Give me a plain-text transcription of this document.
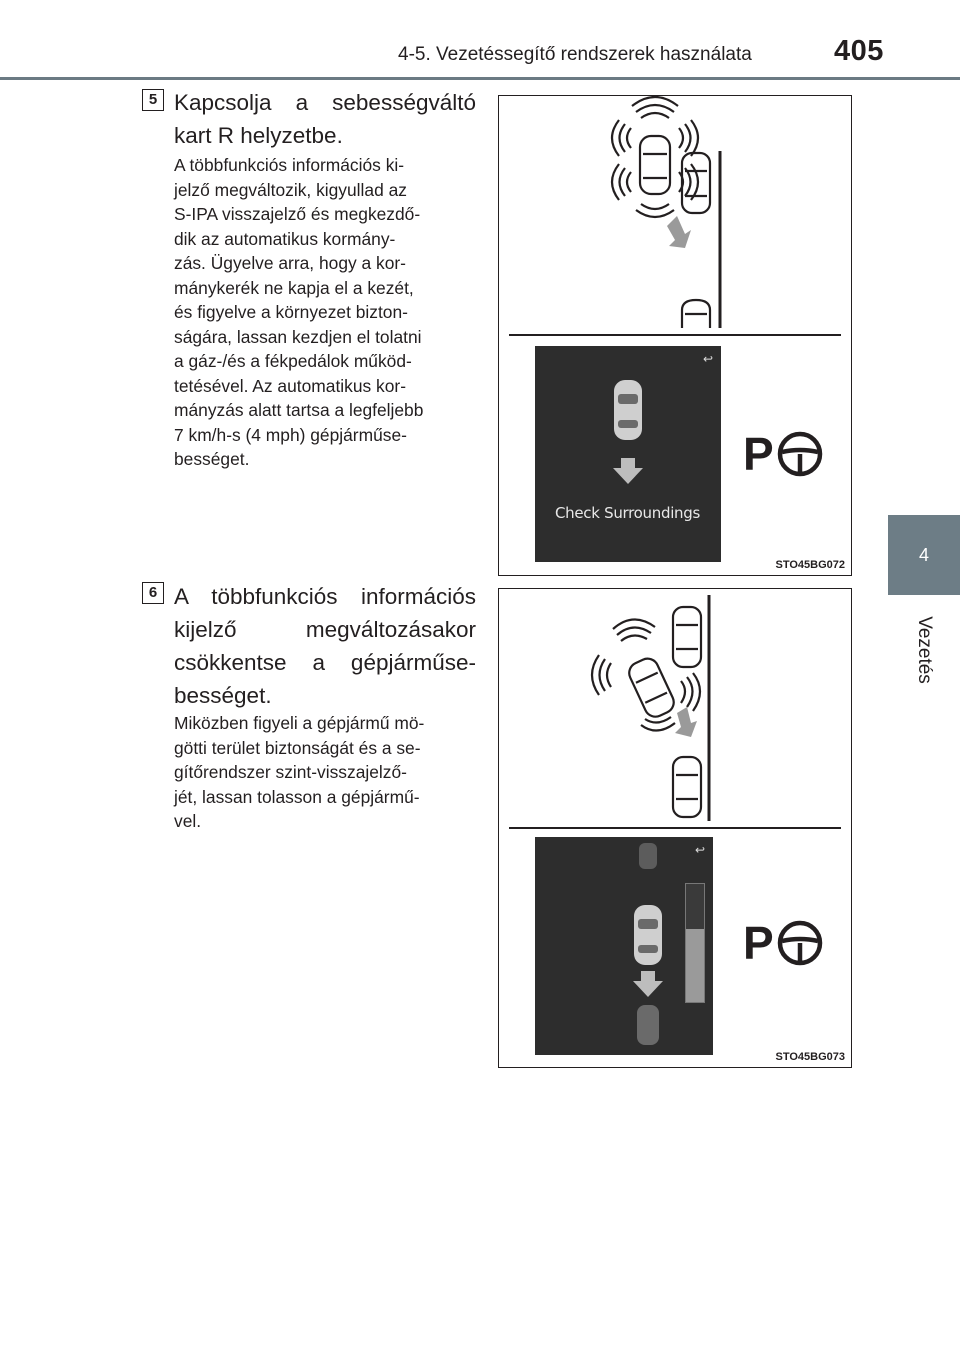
4-5. Vezetéssegítő rendszerek használata	405
4
Vezetés
5 Kapcsolja a sebességváltó kart R helyzetbe.
A többfunkciós információs ki-
jelző megváltozik, kigyullad az
S-IPA visszajelző és megkezdő-
dik az automatikus kormány-
zás. Ügyelve arra, hogy a kor-
mánykerék ne kapja el a kezét,
és figyelve a környezet bizton-
ságára, lassan kezdjen el tolatni
a gáz-/és a fékpedálok működ-
tetésével. Az automatikus kor-
mányzás alatt tartsa a legfeljebb
7 km/h-s (4 mph) gépjárműse-
bességet.
↩
Check Surroundings
P
STO45BG072
6 A többfunkciós információs kijelző megváltozásakor csökkentse a gépjárműse-bességet.
Miközben figyeli a gépjármű mö-
götti terület biztonságát és a se-
gítőrendszer szint-visszajelző-
jét, lassan tolasson a gépjármű-
vel.
↩
P
STO45BG073
